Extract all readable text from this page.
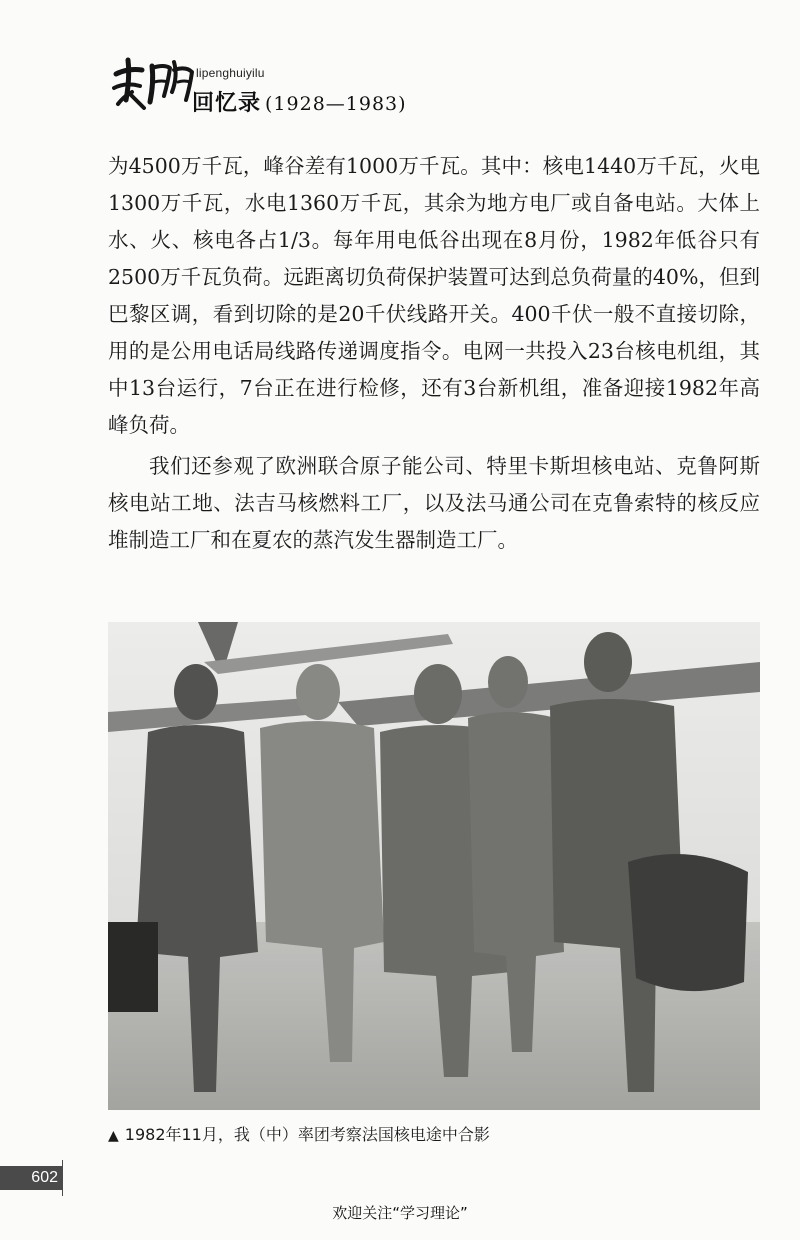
lipenghuiyilu
回忆录 (1928—1983)

为4500万千瓦，峰谷差有1000万千瓦。其中：核电1440万千瓦，火电1300万千瓦，水电1360万千瓦，其余为地方电厂或自备电站。大体上水、火、核电各占1/3。每年用电低谷出现在8月份，1982年低谷只有2500万千瓦负荷。远距离切负荷保护装置可达到总负荷量的40%，但到巴黎区调，看到切除的是20千伏线路开关。400千伏一般不直接切除，用的是公用电话局线路传递调度指令。电网一共投入23台核电机组，其中13台运行，7台正在进行检修，还有3台新机组，准备迎接1982年高峰负荷。

我们还参观了欧洲联合原子能公司、特里卡斯坦核电站、克鲁阿斯核电站工地、法吉马核燃料工厂，以及法马通公司在克鲁索特的核反应堆制造工厂和在夏农的蒸汽发生器制造工厂。

▲ 1982年11月，我（中）率团考察法国核电途中合影
602
欢迎关注“学习理论”
